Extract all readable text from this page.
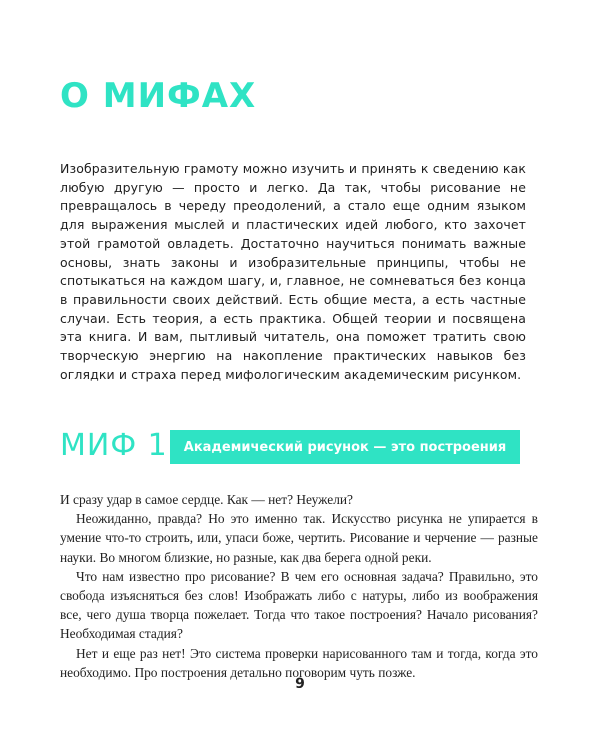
О МИФАХ

Изобразительную грамоту можно изучить и принять к сведению как любую другую — просто и легко. Да так, чтобы рисование не превращалось в череду преодолений, а стало еще одним языком для выражения мыслей и пластических идей любого, кто захочет этой грамотой овладеть. Достаточно научиться понимать важные основы, знать законы и изобразительные принципы, чтобы не спотыкаться на каждом шагу, и, главное, не сомневаться без конца в правильности своих действий. Есть общие места, а есть частные случаи. Есть теория, а есть практика. Общей теории и посвящена эта книга. И вам, пытливый читатель, она поможет тратить свою творческую энергию на накопление практических навыков без оглядки и страха перед мифологическим академическим рисунком.

МИФ 1 Академический рисунок — это построения

И сразу удар в самое сердце. Как — нет? Неужели?

Неожиданно, правда? Но это именно так. Искусство рисунка не упирается в умение что-то строить, или, упаси боже, чертить. Рисование и черчение — разные науки. Во многом близкие, но разные, как два берега одной реки.

Что нам известно про рисование? В чем его основная задача? Правильно, это свобода изъясняться без слов! Изображать либо с натуры, либо из воображения все, чего душа творца пожелает. Тогда что такое построения? Начало рисования? Необходимая стадия?

Нет и еще раз нет! Это система проверки нарисованного там и тогда, когда это необходимо. Про построения детально поговорим чуть позже.

9
